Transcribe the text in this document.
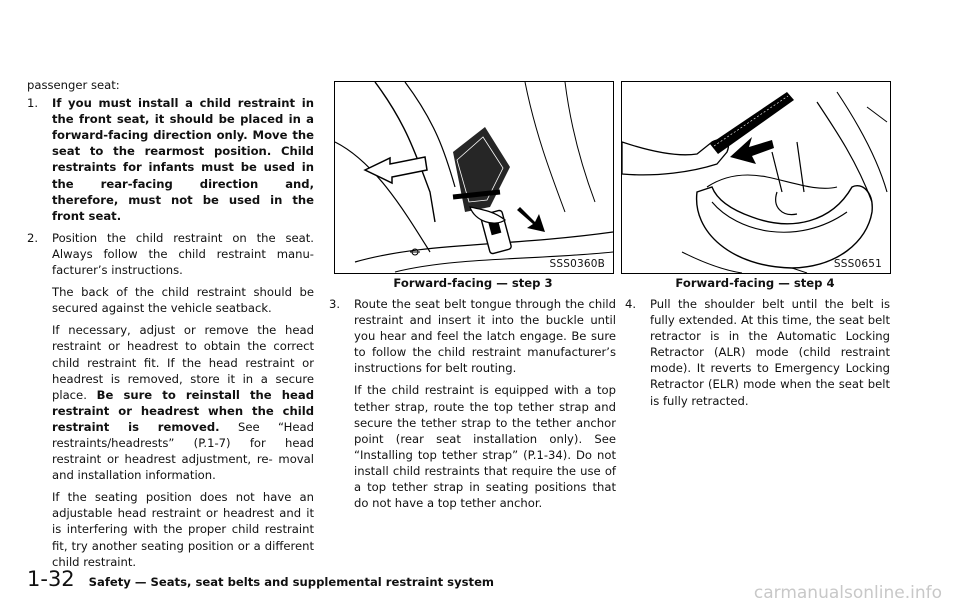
passenger seat:

1. If you must install a child restraint in the front seat, it should be placed in a forward-facing direction only. Move the seat to the rearmost position. Child restraints for infants must be used in the rear-facing direction and, therefore, must not be used in the front seat.

2. Position the child restraint on the seat. Always follow the child restraint manu- facturer’s instructions.

The back of the child restraint should be secured against the vehicle seatback.

If necessary, adjust or remove the head restraint or headrest to obtain the correct child restraint fit. If the head restraint or headrest is removed, store it in a secure place. Be sure to reinstall the head restraint or headrest when the child restraint is removed. See “Head restraints/headrests” (P.1-7) for head restraint or headrest adjustment, re- moval and installation information.

If the seating position does not have an adjustable head restraint or headrest and it is interfering with the proper child restraint fit, try another seating position or a different child restraint.

SSS0360B
Forward-facing — step 3
SSS0651
Forward-facing — step 4
3. Route the seat belt tongue through the child restraint and insert it into the buckle until you hear and feel the latch engage. Be sure to follow the child restraint manufacturer’s instructions for belt routing.

If the child restraint is equipped with a top tether strap, route the top tether strap and secure the tether strap to the tether anchor point (rear seat installation only). See “Installing top tether strap” (P.1-34). Do not install child restraints that require the use of a top tether strap in seating positions that do not have a top tether anchor.

4. Pull the shoulder belt until the belt is fully extended. At this time, the seat belt retractor is in the Automatic Locking Retractor (ALR) mode (child restraint mode). It reverts to Emergency Locking Retractor (ELR) mode when the seat belt is fully retracted.

1-32 Safety — Seats, seat belts and supplemental restraint system
carmanualsonline.info
